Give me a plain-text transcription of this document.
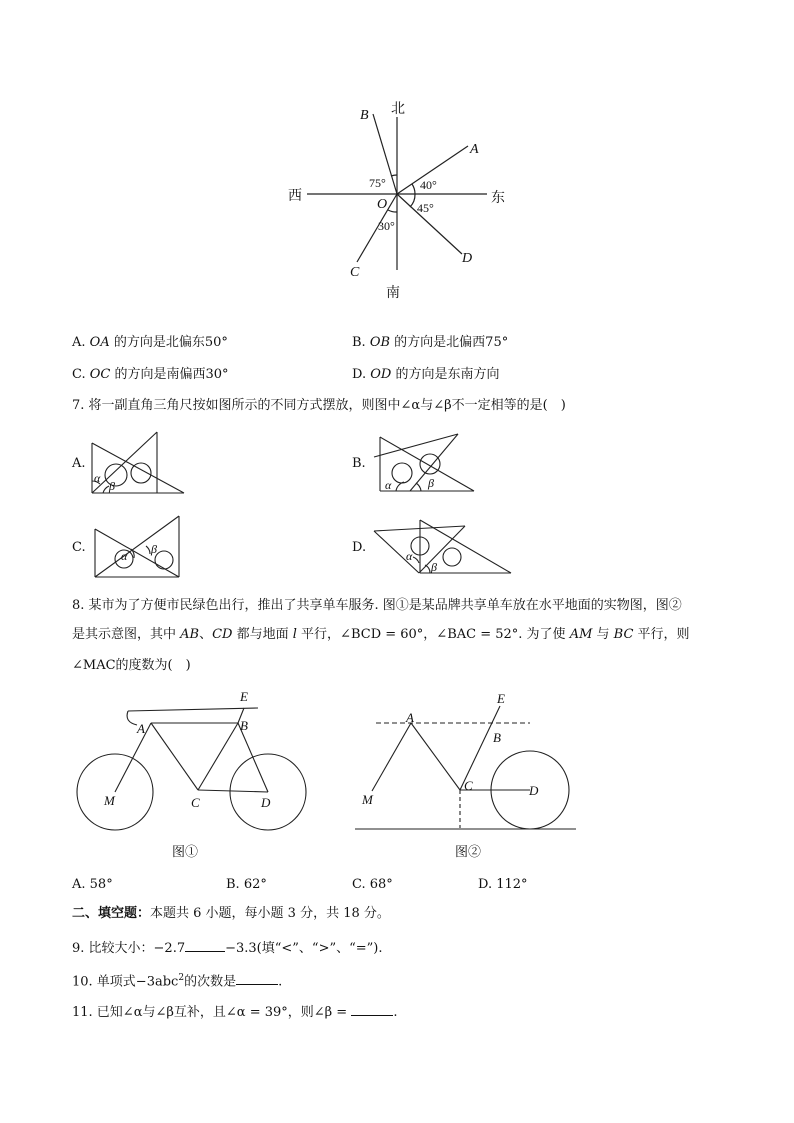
北
南
西	东
B
A
C
D
O
75°	40°
45°
30°
A. OA 的方向是北偏东50°	B. OB 的方向是北偏西75°
C. OC 的方向是南偏西30°	D. OD 的方向是东南方向
7. 将一副直角三角尺按如图所示的不同方式摆放，则图中∠α与∠β不一定相等的是(　)
A.	B.
C.	D.
α
β	α	β
α β	α
β
8. 某市为了方便市民绿色出行，推出了共享单车服务. 图①是某品牌共享单车放在水平地面的实物图，图②
是其示意图，其中 AB、CD 都与地面 l 平行，∠BCD = 60°，∠BAC = 52°. 为了使 AM 与 BC 平行，则
∠MAC的度数为(　)
E
A	B
M	C	D
E
A
B
M
C	D
图①	图②
A. 58°	B. 62°	C. 68°	D. 112°
二、填空题：本题共 6 小题，每小题 3 分，共 18 分。
9. 比较大小：−2.7	−3.3(填“<”、“>”、“=”).
10. 单项式−3abc$^2$的次数是	.
11. 已知∠α与∠β互补，且∠α = 39°，则∠β =	.
